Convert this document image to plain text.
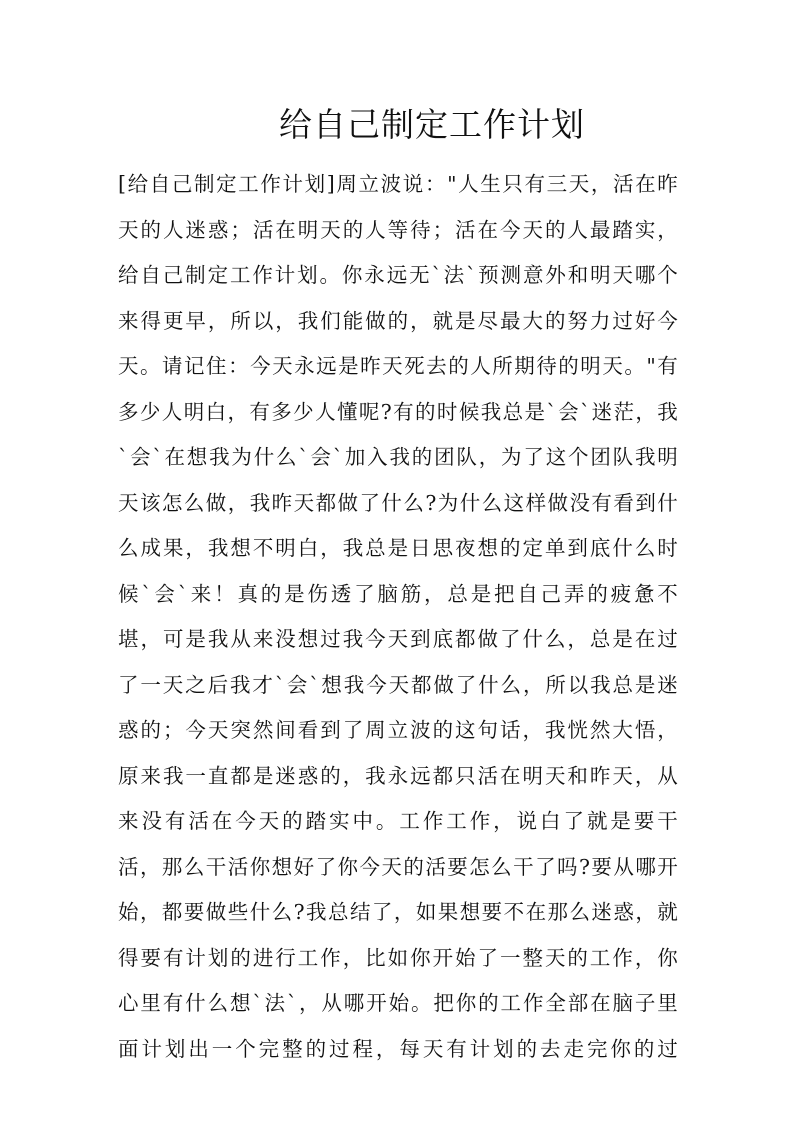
给自己制定工作计划
[给自己制定工作计划]周立波说："人生只有三天，活在昨
天的人迷惑；活在明天的人等待；活在今天的人最踏实，
给自己制定工作计划。你永远无`法`预测意外和明天哪个
来得更早，所以，我们能做的，就是尽最大的努力过好今
天。请记住：今天永远是昨天死去的人所期待的明天。"有
多少人明白，有多少人懂呢?有的时候我总是`会`迷茫，我
`会`在想我为什么`会`加入我的团队，为了这个团队我明
天该怎么做，我昨天都做了什么?为什么这样做没有看到什
么成果，我想不明白，我总是日思夜想的定单到底什么时
候`会`来！真的是伤透了脑筋，总是把自己弄的疲惫不
堪，可是我从来没想过我今天到底都做了什么，总是在过
了一天之后我才`会`想我今天都做了什么，所以我总是迷
惑的；今天突然间看到了周立波的这句话，我恍然大悟，
原来我一直都是迷惑的，我永远都只活在明天和昨天，从
来没有活在今天的踏实中。工作工作，说白了就是要干
活，那么干活你想好了你今天的活要怎么干了吗?要从哪开
始，都要做些什么?我总结了，如果想要不在那么迷惑，就
得要有计划的进行工作，比如你开始了一整天的工作，你
心里有什么想`法`，从哪开始。把你的工作全部在脑子里
面计划出一个完整的过程，每天有计划的去走完你的过
